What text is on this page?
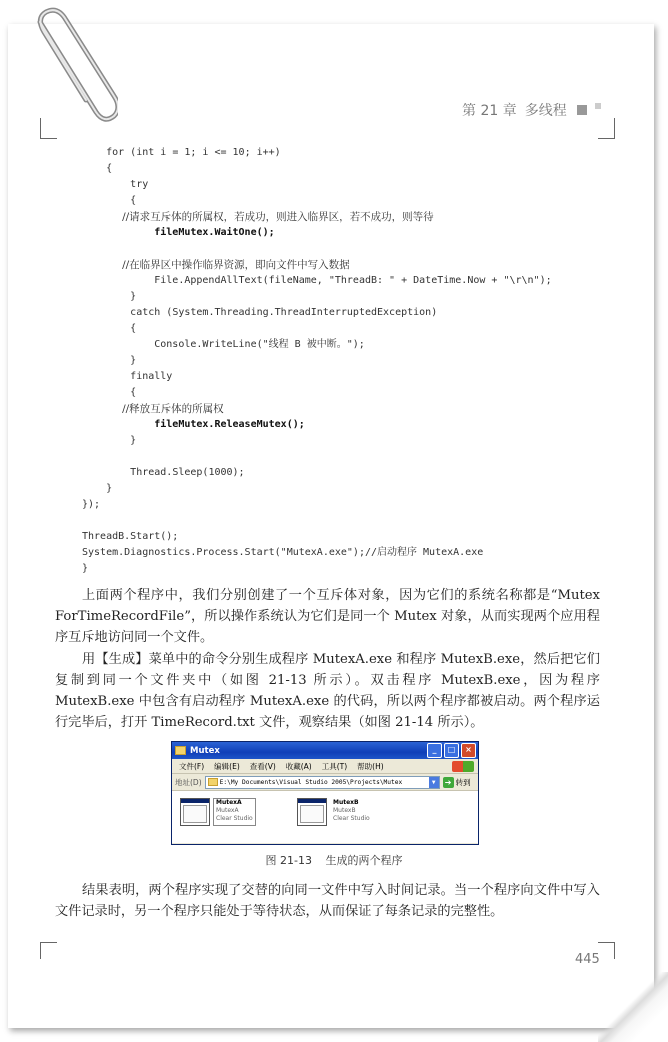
第 21 章 多线程
for (int i = 1; i <= 10; i++)
{
try
{
//请求互斥体的所属权，若成功，则进入临界区，若不成功，则等待
fileMutex.WaitOne();
//在临界区中操作临界资源，即向文件中写入数据
File.AppendAllText(fileName, "ThreadB: " + DateTime.Now + "\r\n");
}
catch (System.Threading.ThreadInterruptedException)
{
Console.WriteLine("线程 B 被中断。");
}
finally
{
//释放互斥体的所属权
fileMutex.ReleaseMutex();
}
Thread.Sleep(1000);
}
});
ThreadB.Start();
System.Diagnostics.Process.Start("MutexA.exe");//启动程序 MutexA.exe
}
上面两个程序中，我们分别创建了一个互斥体对象，因为它们的系统名称都是“Mutex ForTimeRecordFile”，所以操作系统认为它们是同一个 Mutex 对象，从而实现两个应用程序互斥地访问同一个文件。
用【生成】菜单中的命令分别生成程序 MutexA.exe 和程序 MutexB.exe，然后把它们复制到同一个文件夹中（如图 21-13 所示）。双击程序 MutexB.exe，因为程序 MutexB.exe 中包含有启动程序 MutexA.exe 的代码，所以两个程序都被启动。两个程序运行完毕后，打开 TimeRecord.txt 文件，观察结果（如图 21-14 所示）。
Mutex	_	□	×
文件(F)	编辑(E)	查看(V)	收藏(A)	工具(T)	帮助(H)
地址(D)	E:\My Documents\Visual Studio 2005\Projects\Mutex	▼	➔ 转到
MutexA
MutexA
Clear Studio
MutexB
MutexB
Clear Studio
图 21-13 生成的两个程序
结果表明，两个程序实现了交替的向同一文件中写入时间记录。当一个程序向文件中写入文件记录时，另一个程序只能处于等待状态，从而保证了每条记录的完整性。
445
